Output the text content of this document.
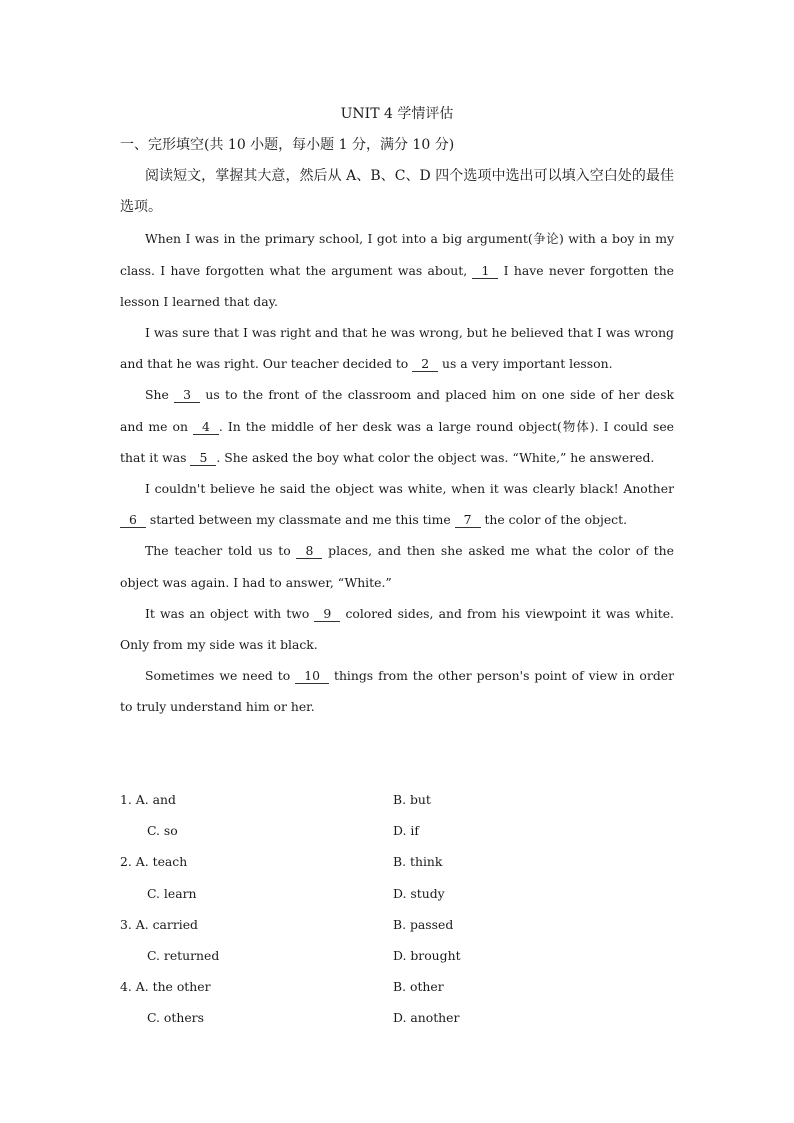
UNIT 4 学情评估
一、完形填空(共 10 小题，每小题 1 分，满分 10 分)

阅读短文，掌握其大意，然后从 A、B、C、D 四个选项中选出可以填入空白处的最佳选项。

When I was in the primary school, I got into a big argument(争论) with a boy in my class. I have forgotten what the argument was about, 1 I have never forgotten the lesson I learned that day.

I was sure that I was right and that he was wrong, but he believed that I was wrong and that he was right. Our teacher decided to 2 us a very important lesson.

She 3 us to the front of the classroom and placed him on one side of her desk and me on 4 . In the middle of her desk was a large round object(物体). I could see that it was 5 . She asked the boy what color the object was. “White,” he answered.

I couldn't believe he said the object was white, when it was clearly black! Another 6 started between my classmate and me this time 7 the color of the object.

The teacher told us to 8 places, and then she asked me what the color of the object was again. I had to answer, “White.”

It was an object with two 9 colored sides, and from his viewpoint it was white. Only from my side was it black.

Sometimes we need to 10 things from the other person's point of view in order to truly understand him or her.

1. A. and	B. but
C. so	D. if
2. A. teach	B. think
C. learn	D. study
3. A. carried	B. passed
C. returned	D. brought
4. A. the other	B. other
C. others	D. another
